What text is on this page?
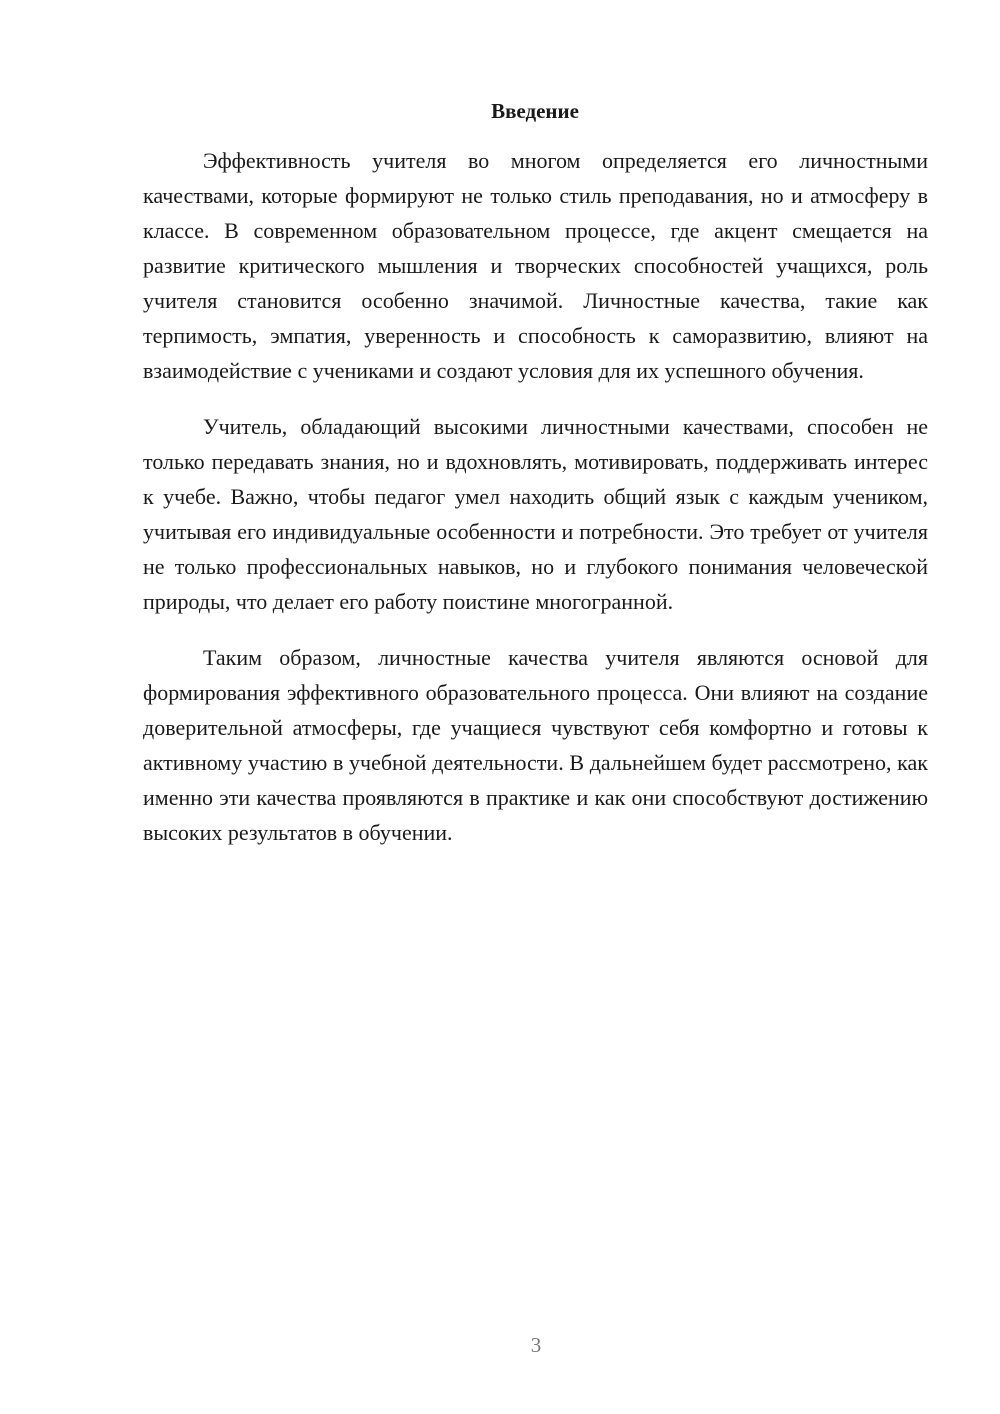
Введение

Эффективность учителя во многом определяется его личностными качествами, которые формируют не только стиль преподавания, но и атмосферу в классе. В современном образовательном процессе, где акцент смещается на развитие критического мышления и творческих способностей учащихся, роль учителя становится особенно значимой. Личностные качества, такие как терпимость, эмпатия, уверенность и способность к саморазвитию, влияют на взаимодействие с учениками и создают условия для их успешного обучения.

Учитель, обладающий высокими личностными качествами, способен не только передавать знания, но и вдохновлять, мотивировать, поддерживать интерес к учебе. Важно, чтобы педагог умел находить общий язык с каждым учеником, учитывая его индивидуальные особенности и потребности. Это требует от учителя не только профессиональных навыков, но и глубокого понимания человеческой природы, что делает его работу поистине многогранной.

Таким образом, личностные качества учителя являются основой для формирования эффективного образовательного процесса. Они влияют на создание доверительной атмосферы, где учащиеся чувствуют себя комфортно и готовы к активному участию в учебной деятельности. В дальнейшем будет рассмотрено, как именно эти качества проявляются в практике и как они способствуют достижению высоких результатов в обучении.

3
